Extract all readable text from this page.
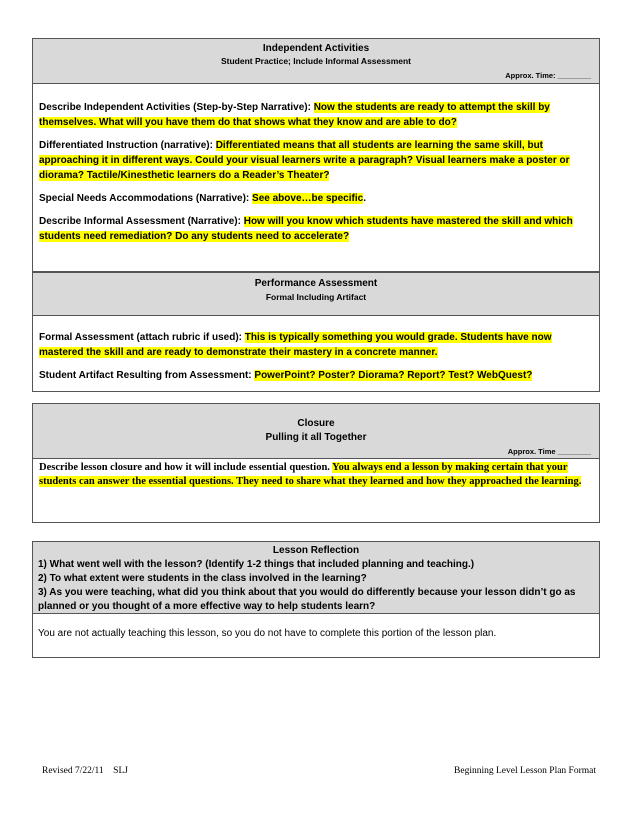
Independent Activities
Student Practice; Include Informal Assessment
Approx. Time: ________

Describe Independent Activities (Step-by-Step Narrative): Now the students are ready to attempt the skill by themselves. What will you have them do that shows what they know and are able to do?

Differentiated Instruction (narrative): Differentiated means that all students are learning the same skill, but approaching it in different ways. Could your visual learners write a paragraph? Visual learners make a poster or diorama? Tactile/Kinesthetic learners do a Reader’s Theater?

Special Needs Accommodations (Narrative): See above…be specific.

Describe Informal Assessment (Narrative): How will you know which students have mastered the skill and which students need remediation? Do any students need to accelerate?

Performance Assessment
Formal Including Artifact

Formal Assessment (attach rubric if used): This is typically something you would grade. Students have now mastered the skill and are ready to demonstrate their mastery in a concrete manner.

Student Artifact Resulting from Assessment: PowerPoint? Poster? Diorama? Report? Test? WebQuest?

Closure
Pulling it all Together
Approx. Time ________

Describe lesson closure and how it will include essential question. You always end a lesson by making certain that your students can answer the essential questions. They need to share what they learned and how they approached the learning.

Lesson Reflection
1) What went well with the lesson? (Identify 1-2 things that included planning and teaching.)
2) To what extent were students in the class involved in the learning?
3) As you were teaching, what did you think about that you would do differently because your lesson didn’t go as planned or you thought of a more effective way to help students learn?
You are not actually teaching this lesson, so you do not have to complete this portion of the lesson plan.
Revised 7/22/11    SLJ	Beginning Level Lesson Plan Format
